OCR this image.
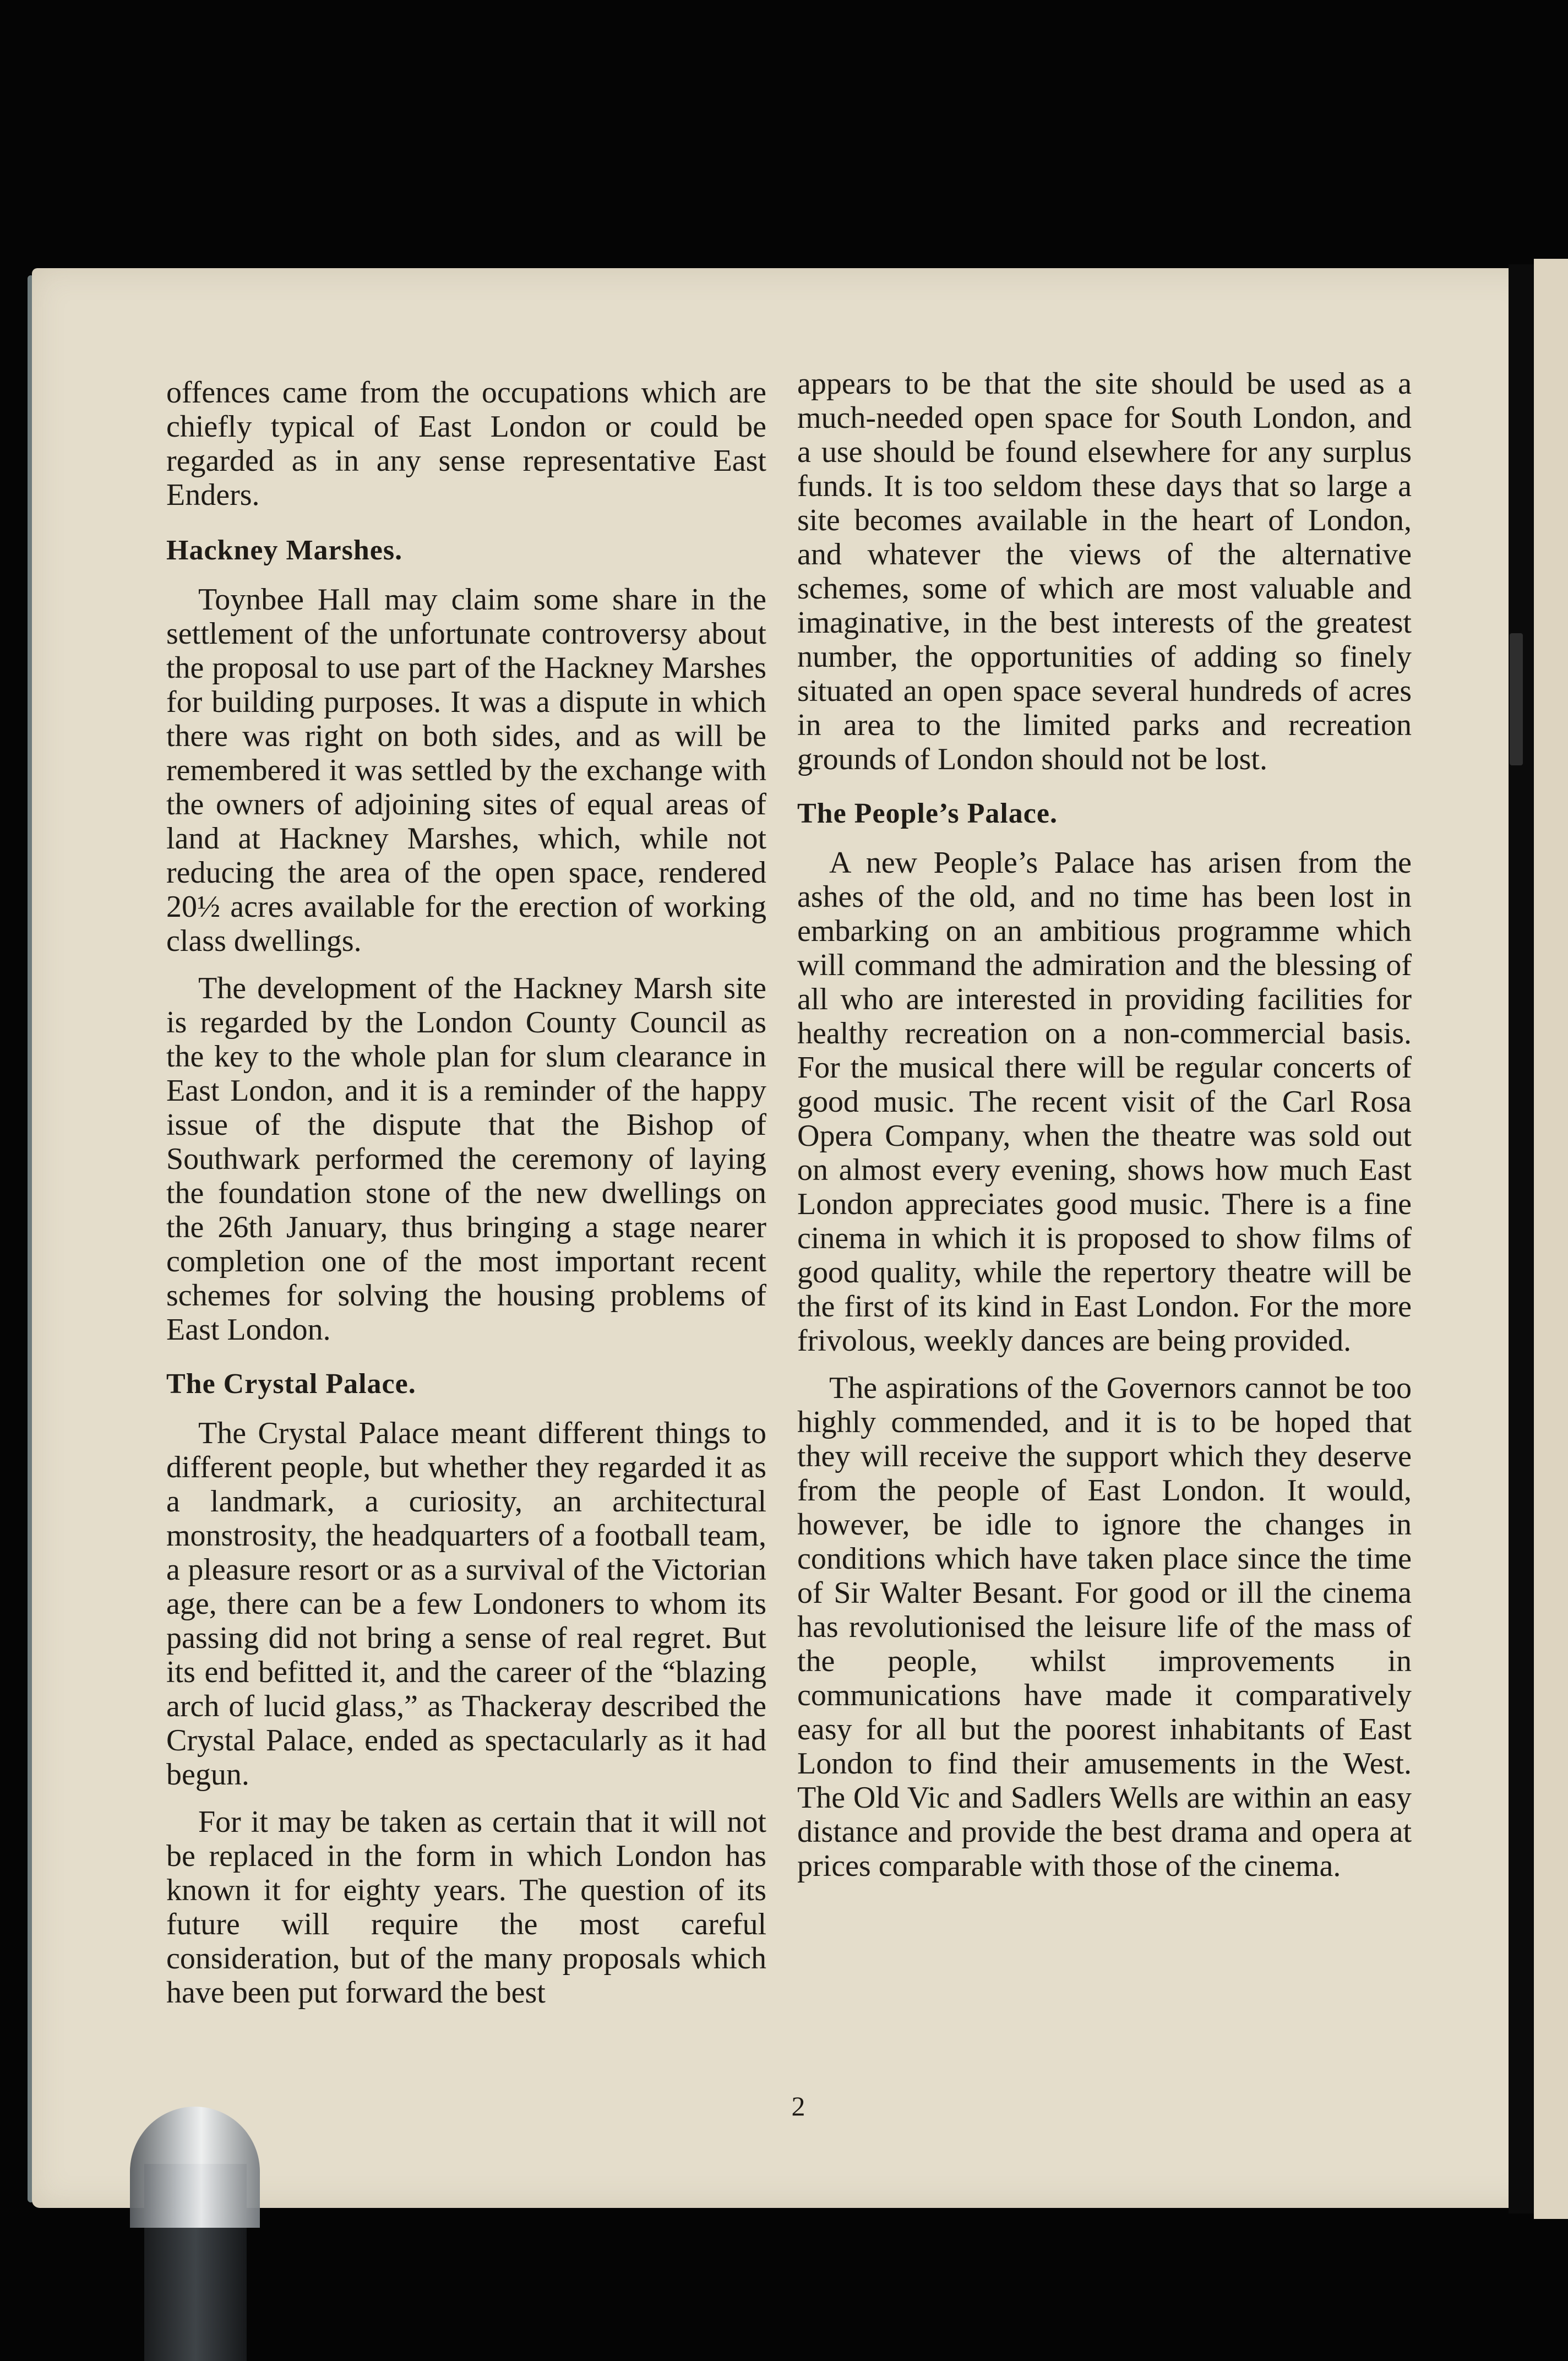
offences came from the occupations which are chiefly typical of East London or could be regarded as in any sense representative East Enders.

Hackney Marshes.

Toynbee Hall may claim some share in the settlement of the unfortunate controversy about the proposal to use part of the Hackney Marshes for building purposes. It was a dispute in which there was right on both sides, and as will be remembered it was settled by the exchange with the owners of adjoining sites of equal areas of land at Hackney Marshes, which, while not reducing the area of the open space, rendered 20½ acres available for the erection of working class dwellings.

The development of the Hackney Marsh site is regarded by the London County Council as the key to the whole plan for slum clearance in East London, and it is a reminder of the happy issue of the dispute that the Bishop of Southwark performed the ceremony of laying the foundation stone of the new dwellings on the 26th January, thus bringing a stage nearer completion one of the most important recent schemes for solving the housing problems of East London.

The Crystal Palace.

The Crystal Palace meant different things to different people, but whether they regarded it as a landmark, a curiosity, an architectural monstrosity, the headquarters of a football team, a pleasure resort or as a survival of the Victorian age, there can be a few Londoners to whom its passing did not bring a sense of real regret. But its end befitted it, and the career of the “blazing arch of lucid glass,” as Thackeray described the Crystal Palace, ended as spectacularly as it had begun.

For it may be taken as certain that it will not be replaced in the form in which London has known it for eighty years. The question of its future will require the most careful consideration, but of the many proposals which have been put forward the best

appears to be that the site should be used as a much-needed open space for South London, and a use should be found elsewhere for any surplus funds. It is too seldom these days that so large a site becomes available in the heart of London, and whatever the views of the alternative schemes, some of which are most valuable and imaginative, in the best interests of the greatest number, the opportunities of adding so finely situated an open space several hundreds of acres in area to the limited parks and recreation grounds of London should not be lost.

The People’s Palace.

A new People’s Palace has arisen from the ashes of the old, and no time has been lost in embarking on an ambitious programme which will command the admiration and the blessing of all who are interested in providing facilities for healthy recreation on a non-commercial basis. For the musical there will be regular concerts of good music. The recent visit of the Carl Rosa Opera Company, when the theatre was sold out on almost every evening, shows how much East London appreciates good music. There is a fine cinema in which it is proposed to show films of good quality, while the repertory theatre will be the first of its kind in East London. For the more frivolous, weekly dances are being provided.

The aspirations of the Governors cannot be too highly commended, and it is to be hoped that they will receive the support which they deserve from the people of East London. It would, however, be idle to ignore the changes in conditions which have taken place since the time of Sir Walter Besant. For good or ill the cinema has revolutionised the leisure life of the mass of the people, whilst improvements in communications have made it comparatively easy for all but the poorest inhabitants of East London to find their amusements in the West. The Old Vic and Sadlers Wells are within an easy distance and provide the best drama and opera at prices comparable with those of the cinema.

2
